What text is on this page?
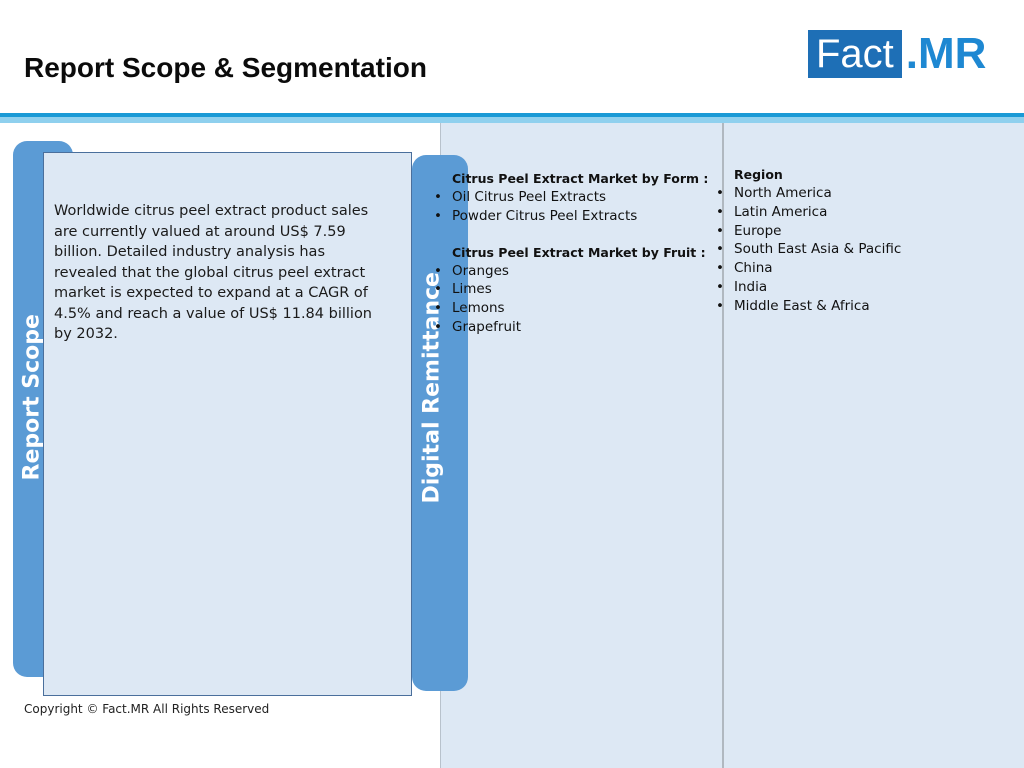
Report Scope & Segmentation	Fact .MR
Worldwide citrus peel extract product sales are currently valued at around US$ 7.59 billion. Detailed industry analysis has revealed that the global citrus peel extract market is expected to expand at a CAGR of 4.5% and reach a value of US$ 11.84 billion by 2032.
Report Scope	Digital Remittance
Citrus Peel Extract Market by Form :
• Oil Citrus Peel Extracts
• Powder Citrus Peel Extracts
Citrus Peel Extract Market by Fruit :
• Oranges
• Limes
• Lemons
• Grapefruit
Region
• North America
• Latin America
• Europe
• South East Asia & Pacific
• China
• India
• Middle East & Africa
Copyright © Fact.MR All Rights Reserved
